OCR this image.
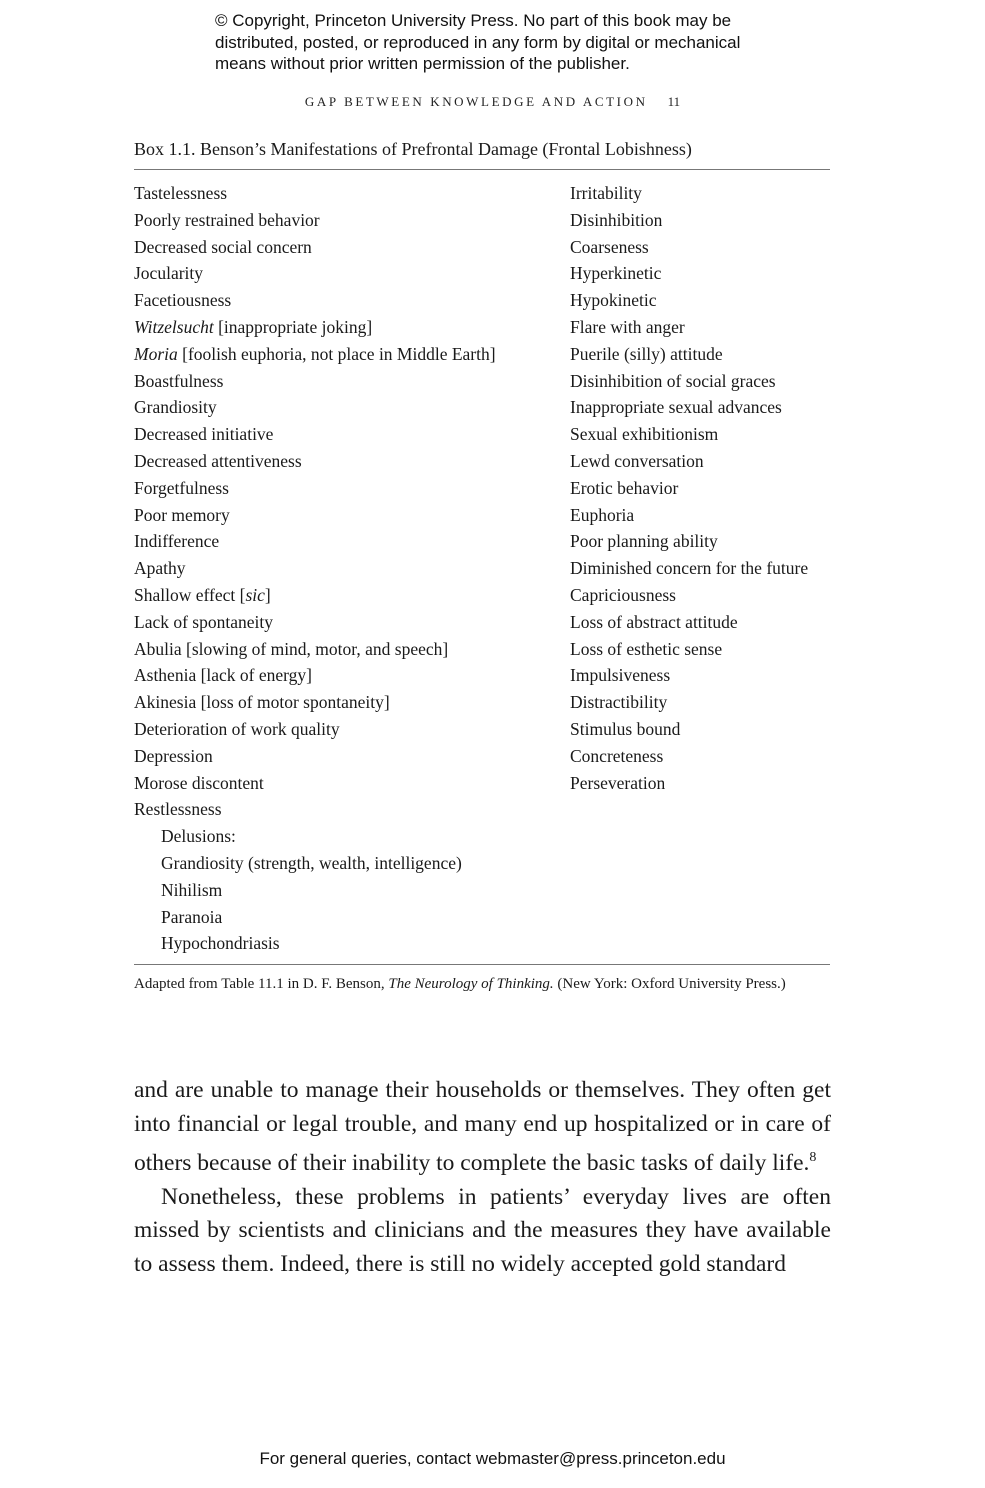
© Copyright, Princeton University Press. No part of this book may be
distributed, posted, or reproduced in any form by digital or mechanical
means without prior written permission of the publisher.
GAP BETWEEN KNOWLEDGE AND ACTION 11
Box 1.1. Benson’s Manifestations of Prefrontal Damage (Frontal Lobishness)
Tastelessness
Poorly restrained behavior
Decreased social concern
Jocularity
Facetiousness
Witzelsucht [inappropriate joking]
Moria [foolish euphoria, not place in Middle Earth]
Boastfulness
Grandiosity
Decreased initiative
Decreased attentiveness
Forgetfulness
Poor memory
Indifference
Apathy
Shallow effect [sic]
Lack of spontaneity
Abulia [slowing of mind, motor, and speech]
Asthenia [lack of energy]
Akinesia [loss of motor spontaneity]
Deterioration of work quality
Depression
Morose discontent
Restlessness
Delusions:
Grandiosity (strength, wealth, intelligence)
Nihilism
Paranoia
Hypochondriasis
Irritability
Disinhibition
Coarseness
Hyperkinetic
Hypokinetic
Flare with anger
Puerile (silly) attitude
Disinhibition of social graces
Inappropriate sexual advances
Sexual exhibitionism
Lewd conversation
Erotic behavior
Euphoria
Poor planning ability
Diminished concern for the future
Capriciousness
Loss of abstract attitude
Loss of esthetic sense
Impulsiveness
Distractibility
Stimulus bound
Concreteness
Perseveration
Adapted from Table 11.1 in D. F. Benson, The Neurology of Thinking. (New York: Oxford University Press.)

and are unable to manage their households or themselves. They often get into financial or legal trouble, and many end up hospitalized or in care of others because of their inability to complete the basic tasks of daily life.$^8$

Nonetheless, these problems in patients’ everyday lives are often missed by scientists and clinicians and the measures they have available to assess them. Indeed, there is still no widely accepted gold standard

For general queries, contact webmaster@press.princeton.edu
